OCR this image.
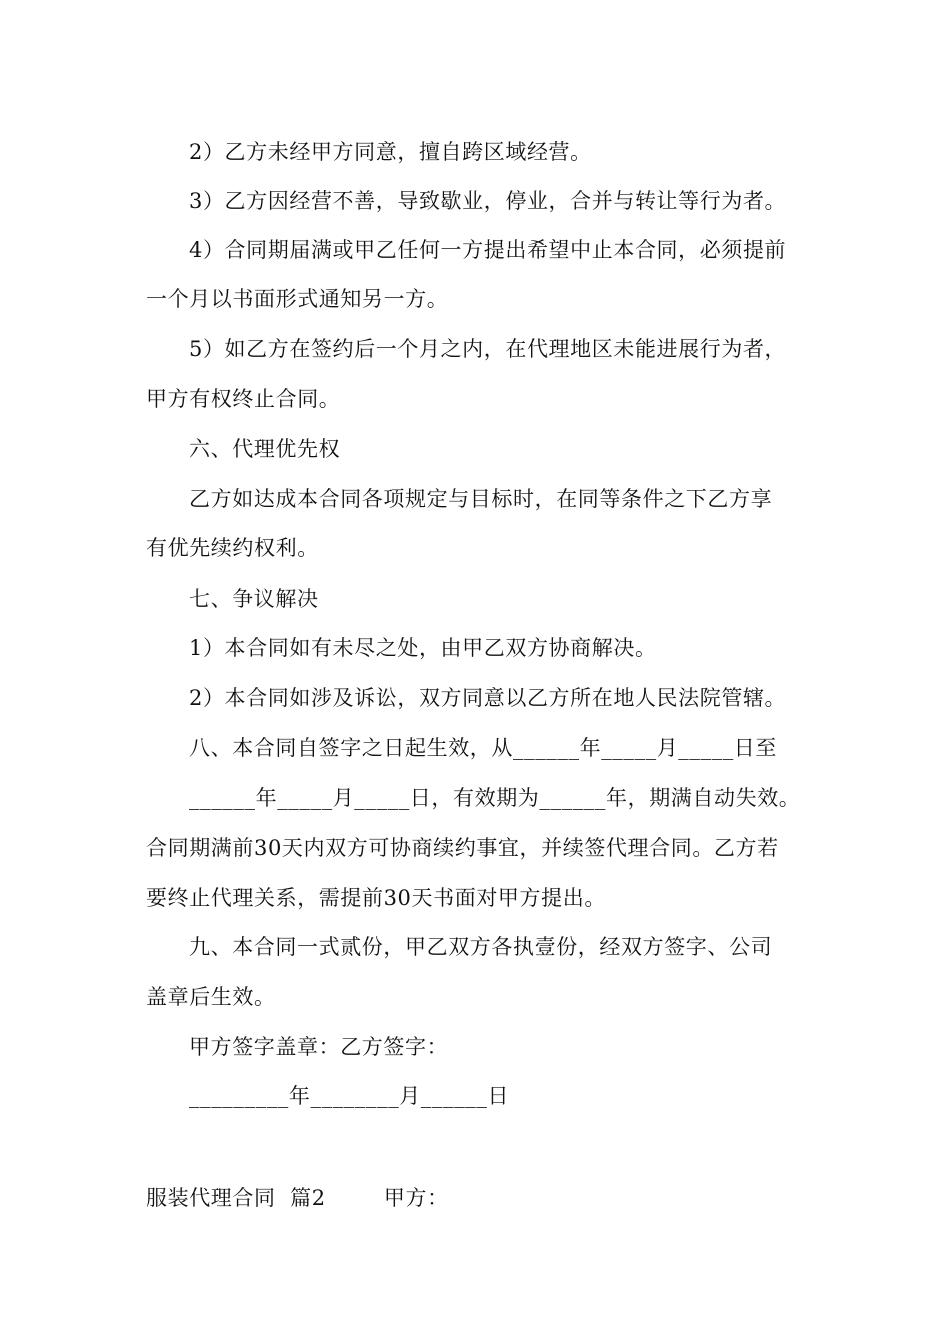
2）乙方未经甲方同意，擅自跨区域经营。
3）乙方因经营不善，导致歇业，停业，合并与转让等行为者。
4）合同期届满或甲乙任何一方提出希望中止本合同，必须提前
一个月以书面形式通知另一方。
5）如乙方在签约后一个月之内，在代理地区未能进展行为者，
甲方有权终止合同。
六、代理优先权
乙方如达成本合同各项规定与目标时，在同等条件之下乙方享
有优先续约权利。
七、争议解决
1）本合同如有未尽之处，由甲乙双方协商解决。
2）本合同如涉及诉讼，双方同意以乙方所在地人民法院管辖。
八、本合同自签字之日起生效，从______年_____月_____日至
______年_____月_____日，有效期为______年，期满自动失效。
合同期满前30天内双方可协商续约事宜，并续签代理合同。乙方若
要终止代理关系，需提前30天书面对甲方提出。
九、本合同一式贰份，甲乙双方各执壹份，经双方签字、公司
盖章后生效。
甲方签字盖章：乙方签字：
_________年________月______日
服装代理合同  篇2        甲方：
